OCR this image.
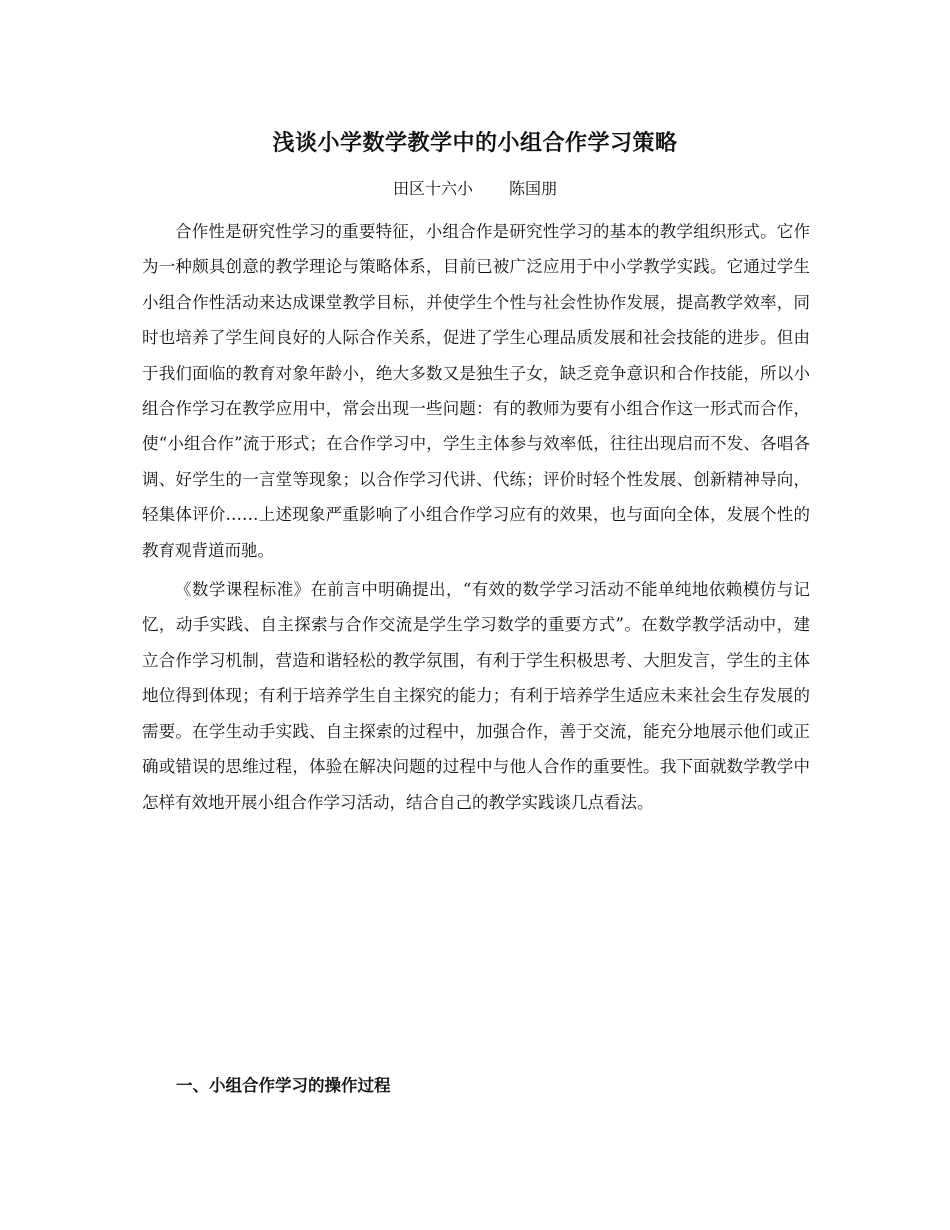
浅谈小学数学教学中的小组合作学习策略
田区十六小 陈国朋

合作性是研究性学习的重要特征，小组合作是研究性学习的基本的教学组织形式。它作为一种颇具创意的教学理论与策略体系，目前已被广泛应用于中小学教学实践。它通过学生小组合作性活动来达成课堂教学目标，并使学生个性与社会性协作发展，提高教学效率，同时也培养了学生间良好的人际合作关系，促进了学生心理品质发展和社会技能的进步。但由于我们面临的教育对象年龄小，绝大多数又是独生子女，缺乏竞争意识和合作技能，所以小组合作学习在教学应用中，常会出现一些问题：有的教师为要有小组合作这一形式而合作，使“小组合作”流于形式；在合作学习中，学生主体参与效率低，往往出现启而不发、各唱各调、好学生的一言堂等现象；以合作学习代讲、代练；评价时轻个性发展、创新精神导向，轻集体评价……上述现象严重影响了小组合作学习应有的效果，也与面向全体，发展个性的教育观背道而驰。

《数学课程标准》在前言中明确提出，“有效的数学学习活动不能单纯地依赖模仿与记忆，动手实践、自主探索与合作交流是学生学习数学的重要方式”。在数学教学活动中，建立合作学习机制，营造和谐轻松的教学氛围，有利于学生积极思考、大胆发言，学生的主体地位得到体现；有利于培养学生自主探究的能力；有利于培养学生适应未来社会生存发展的需要。在学生动手实践、自主探索的过程中，加强合作，善于交流，能充分地展示他们或正确或错误的思维过程，体验在解决问题的过程中与他人合作的重要性。我下面就数学教学中怎样有效地开展小组合作学习活动，结合自己的教学实践谈几点看法。

一、小组合作学习的操作过程
